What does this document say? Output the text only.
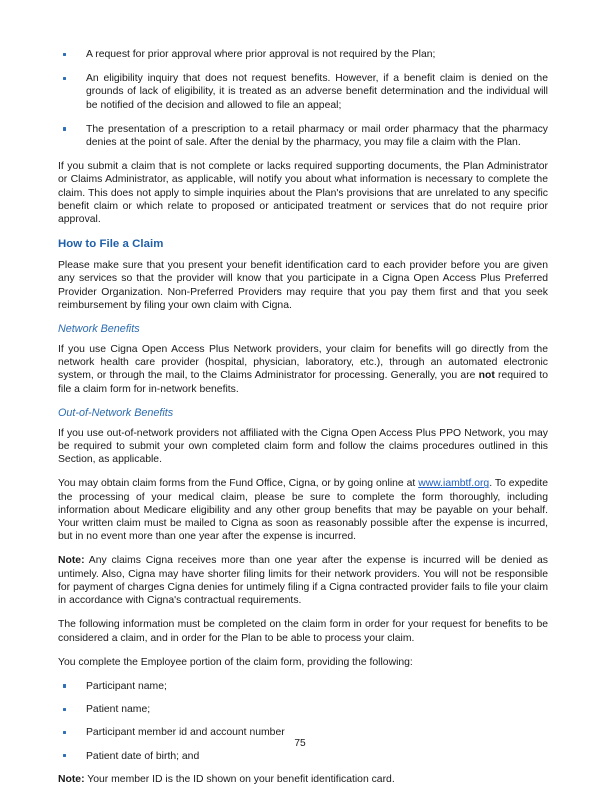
A request for prior approval where prior approval is not required by the Plan;
An eligibility inquiry that does not request benefits. However, if a benefit claim is denied on the grounds of lack of eligibility, it is treated as an adverse benefit determination and the individual will be notified of the decision and allowed to file an appeal;
The presentation of a prescription to a retail pharmacy or mail order pharmacy that the pharmacy denies at the point of sale. After the denial by the pharmacy, you may file a claim with the Plan.

If you submit a claim that is not complete or lacks required supporting documents, the Plan Administrator or Claims Administrator, as applicable, will notify you about what information is necessary to complete the claim. This does not apply to simple inquiries about the Plan's provisions that are unrelated to any specific benefit claim or which relate to proposed or anticipated treatment or services that do not require prior approval.

How to File a Claim

Please make sure that you present your benefit identification card to each provider before you are given any services so that the provider will know that you participate in a Cigna Open Access Plus Preferred Provider Organization. Non-Preferred Providers may require that you pay them first and that you seek reimbursement by filing your own claim with Cigna.

Network Benefits

If you use Cigna Open Access Plus Network providers, your claim for benefits will go directly from the network health care provider (hospital, physician, laboratory, etc.), through an automated electronic system, or through the mail, to the Claims Administrator for processing. Generally, you are not required to file a claim form for in-network benefits.

Out-of-Network Benefits

If you use out-of-network providers not affiliated with the Cigna Open Access Plus PPO Network, you may be required to submit your own completed claim form and follow the claims procedures outlined in this Section, as applicable.

You may obtain claim forms from the Fund Office, Cigna, or by going online at www.iambtf.org. To expedite the processing of your medical claim, please be sure to complete the form thoroughly, including information about Medicare eligibility and any other group benefits that may be payable on your behalf. Your written claim must be mailed to Cigna as soon as reasonably possible after the expense is incurred, but in no event more than one year after the expense is incurred.

Note: Any claims Cigna receives more than one year after the expense is incurred will be denied as untimely. Also, Cigna may have shorter filing limits for their network providers. You will not be responsible for payment of charges Cigna denies for untimely filing if a Cigna contracted provider fails to file your claim in accordance with Cigna's contractual requirements.

The following information must be completed on the claim form in order for your request for benefits to be considered a claim, and in order for the Plan to be able to process your claim.

You complete the Employee portion of the claim form, providing the following:

Participant name;
Patient name;
Participant member id and account number
Patient date of birth; and

Note: Your member ID is the ID shown on your benefit identification card.

75
